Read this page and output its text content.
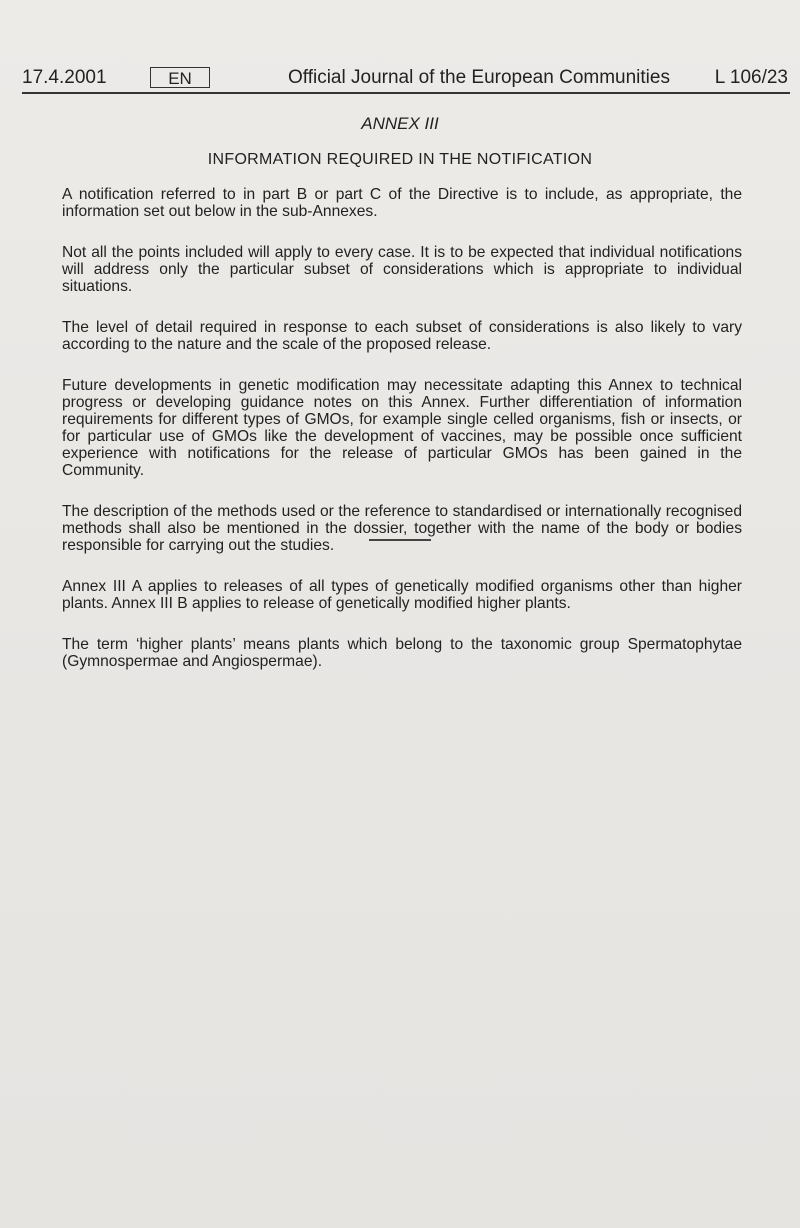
17.4.2001	EN	Official Journal of the European Communities L 106/23
ANNEX III
INFORMATION REQUIRED IN THE NOTIFICATION

A notification referred to in part B or part C of the Directive is to include, as appropriate, the information set out below in the sub-Annexes.

Not all the points included will apply to every case. It is to be expected that individual notifications will address only the particular subset of considerations which is appropriate to individual situations.

The level of detail required in response to each subset of considerations is also likely to vary according to the nature and the scale of the proposed release.

Future developments in genetic modification may necessitate adapting this Annex to technical progress or developing guidance notes on this Annex. Further differentiation of information requirements for different types of GMOs, for example single celled organisms, fish or insects, or for particular use of GMOs like the development of vaccines, may be possible once sufficient experience with notifications for the release of particular GMOs has been gained in the Community.

The description of the methods used or the reference to standardised or internationally recognised methods shall also be mentioned in the dossier, together with the name of the body or bodies responsible for carrying out the studies.

Annex III A applies to releases of all types of genetically modified organisms other than higher plants. Annex III B applies to release of genetically modified higher plants.

The term ‘higher plants’ means plants which belong to the taxonomic group Spermatophytae (Gymnospermae and Angiospermae).
